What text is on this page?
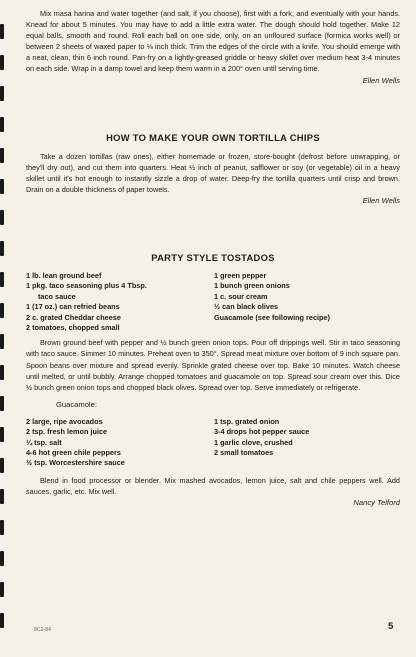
Mix masa harina and water together (and salt, if you choose), first with a fork, and eventually with your hands. Knead for about 5 minutes. You may have to add a little extra water. The dough should hold together. Make 12 equal balls, smooth and round. Roll each ball on one side, only, on an unfloured surface (formica works well) or between 2 sheets of waxed paper to ⅛ inch thick. Trim the edges of the circle with a knife. You should emerge with a neat, clean, thin 6 inch round. Pan-fry on a lightly-greased griddle or heavy skillet over medium heat 3-4 minutes on each side. Wrap in a damp towel and keep them warm in a 200° oven until serving time.

Ellen Wells

HOW TO MAKE YOUR OWN TORTILLA CHIPS

Take a dozen tortillas (raw ones), either homemade or frozen, store-bought (defrost before unwrapping, or they'll dry out), and cut them into quarters. Heat ½ inch of peanut, safflower or soy (or vegetable) oil in a heavy skillet until it's hot enough to instantly sizzle a drop of water. Deep-fry the tortilla quarters until crisp and brown. Drain on a double thickness of paper towels.

Ellen Wells

PARTY STYLE TOSTADOS
1 lb. lean ground beef
1 pkg. taco seasoning plus 4 Tbsp.
taco sauce
1 (17 oz.) can refried beans
2 c. grated Cheddar cheese
2 tomatoes, chopped small
1 green pepper
1 bunch green onions
1 c. sour cream
½ can black olives
Guacamole (see following recipe)

Brown ground beef with pepper and ½ bunch green onion tops. Pour off drippings well. Stir in taco seasoning with taco sauce. Simmer 10 minutes. Preheat oven to 350°. Spread meat mixture over bottom of 9 inch square pan. Spoon beans over mixture and spread evenly. Sprinkle grated cheese over top. Bake 10 minutes. Watch cheese until melted, or until bubbly. Arrange chopped tomatoes and guacamole on top. Spread sour cream over this. Dice ½ bunch green onion tops and chopped black olives. Spread over top. Serve immediately or refrigerate.

Guacamole:

2 large, ripe avocados
2 tsp. fresh lemon juice
¼ tsp. salt
4-6 hot green chile peppers
½ tsp. Worcestershire sauce
1 tsp. grated onion
3-4 drops hot pepper sauce
1 garlic clove, crushed
2 small tomatoes

Blend in food processor or blender. Mix mashed avocados, lemon juice, salt and chile peppers well. Add sauces, garlic, etc. Mix well.

Nancy Telford

8C2-84	5
